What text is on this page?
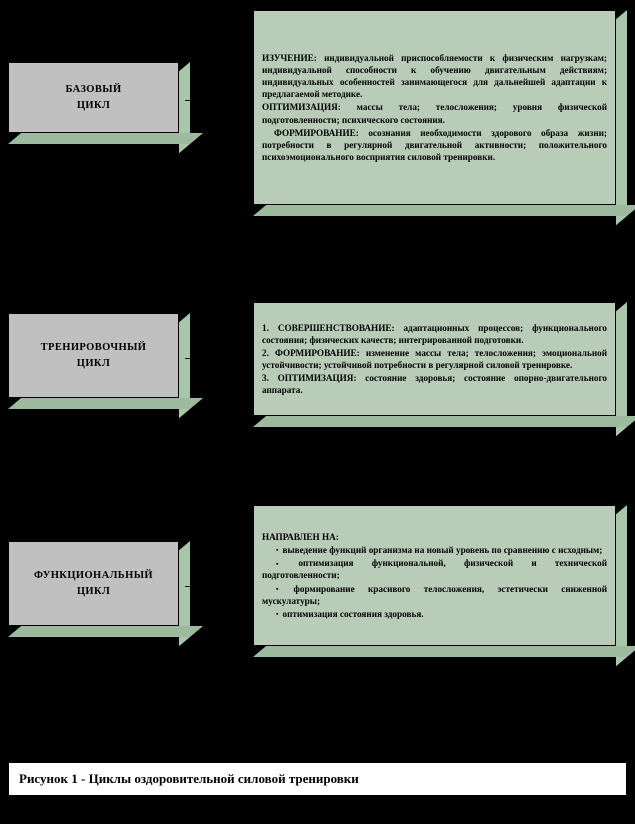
БАЗОВЫЙ
ЦИКЛ

ИЗУЧЕНИЕ: индивидуальной приспособляемости к физическим нагрузкам; индивидуальной способности к обучению двигательным действиям; индивидуальных особенностей занимающегося для дальнейшей адаптации к предлагаемой методике.

ОПТИМИЗАЦИЯ: массы тела; телосложения; уровня физической подготовленности; психического состояния.

ФОРМИРОВАНИЕ: осознания необходимости здорового образа жизни; потребности в регулярной двигательной активности; положительного психоэмоционального восприятия силовой тренировки.

ТРЕНИРОВОЧНЫЙ
ЦИКЛ

1. СОВЕРШЕНСТВОВАНИЕ: адаптационных процессов; функционального состояния; физических качеств; интегрированной подготовки.

2. ФОРМИРОВАНИЕ: изменение массы тела; телосложения; эмоциональной устойчивости; устойчивой потребности в регулярной силовой тренировке.

3. ОПТИМИЗАЦИЯ: состояние здоровья; состояние опорно-двигательного аппарата.

ФУНКЦИОНАЛЬНЫЙ
ЦИКЛ

НАПРАВЛЕН НА:

▪ выведение функций организма на новый уровень по сравнению с исходным;

▪ оптимизация функциональной, физической и технической подготовленности;

▪ формирование красивого телосложения, эстетически сниженной мускулатуры;

▪ оптимизация состояния здоровья.

Рисунок 1 - Циклы оздоровительной силовой тренировки
